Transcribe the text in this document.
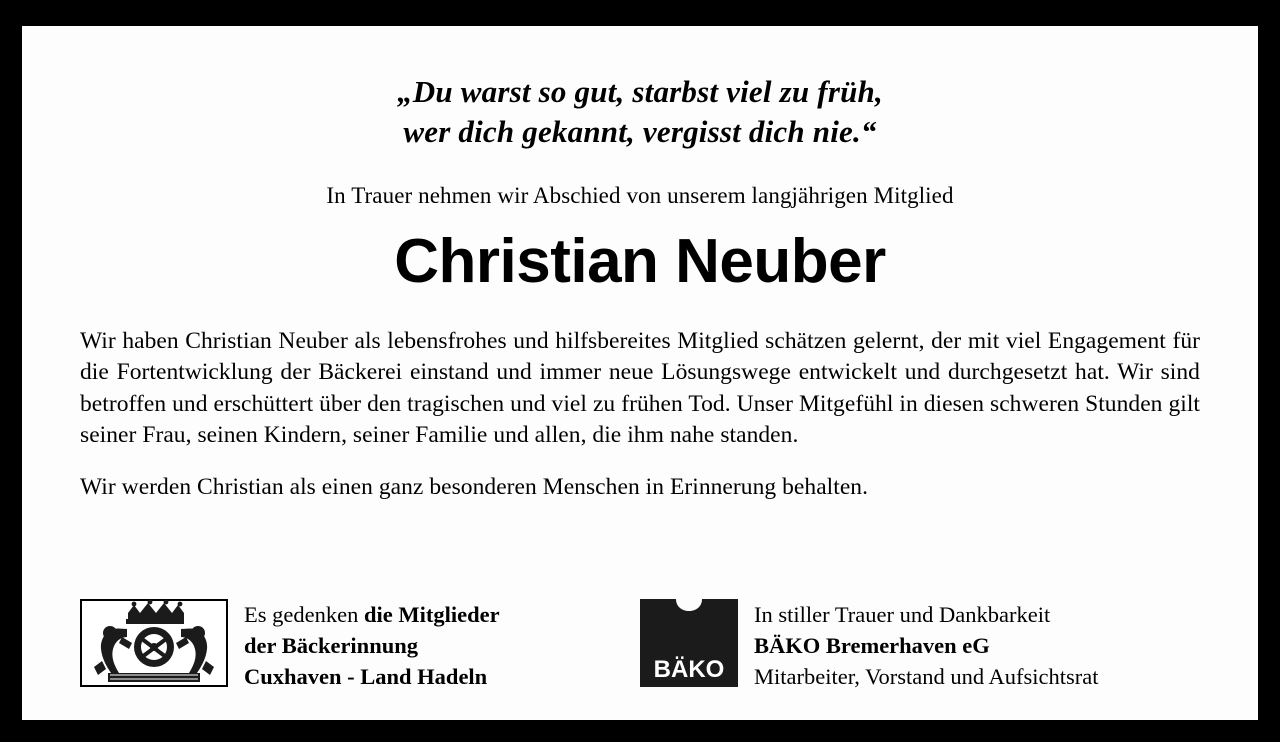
„Du warst so gut, starbst viel zu früh,
wer dich gekannt, vergisst dich nie.“
In Trauer nehmen wir Abschied von unserem langjährigen Mitglied
Christian Neuber

Wir haben Christian Neuber als lebensfrohes und hilfsbereites Mitglied schätzen gelernt, der mit viel Engagement für die Fortentwicklung der Bäckerei einstand und immer neue Lösungswege entwickelt und durchgesetzt hat. Wir sind betroffen und erschüttert über den tragischen und viel zu frühen Tod. Unser Mitgefühl in diesen schweren Stunden gilt seiner Frau, seinen Kindern, seiner Familie und allen, die ihm nahe standen.

Wir werden Christian als einen ganz besonderen Menschen in Erinnerung behalten.

Es gedenken die Mitglieder
der Bäckerinnung
Cuxhaven - Land Hadeln	BÄKO
In stiller Trauer und Dankbarkeit
BÄKO Bremerhaven eG
Mitarbeiter, Vorstand und Aufsichtsrat
